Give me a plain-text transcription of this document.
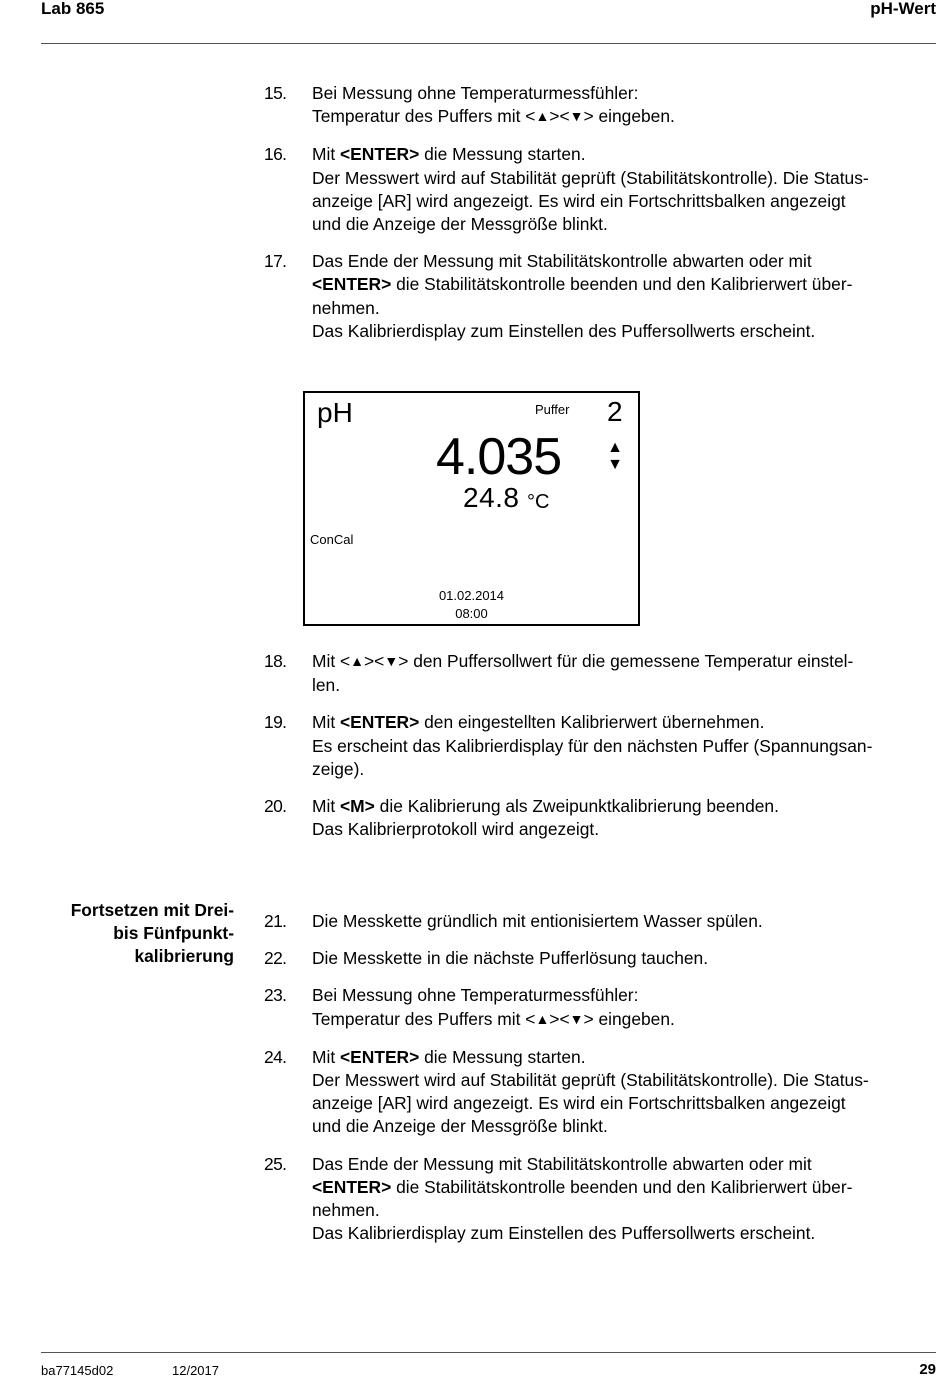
Lab 865	pH-Wert
15. Bei Messung ohne Temperaturmessfühler:

Temperatur des Puffers mit <▲><▼> eingeben.

16. Mit <ENTER> die Messung starten.

Der Messwert wird auf Stabilität geprüft (Stabilitätskontrolle). Die Status-

anzeige [AR] wird angezeigt. Es wird ein Fortschrittsbalken angezeigt

und die Anzeige der Messgröße blinkt.

17. Das Ende der Messung mit Stabilitätskontrolle abwarten oder mit

<ENTER> die Stabilitätskontrolle beenden und den Kalibrierwert über-

nehmen.

Das Kalibrierdisplay zum Einstellen des Puffersollwerts erscheint.

pH	Puffer 2
4.035
24.8 °C
▲
▼
ConCal
01.02.2014
08:00
18. Mit <▲><▼> den Puffersollwert für die gemessene Temperatur einstel-

len.

19. Mit <ENTER> den eingestellten Kalibrierwert übernehmen.

Es erscheint das Kalibrierdisplay für den nächsten Puffer (Spannungsan-

zeige).

20. Mit <M> die Kalibrierung als Zweipunktkalibrierung beenden.

Das Kalibrierprotokoll wird angezeigt.

Fortsetzen mit Drei-
bis Fünfpunkt-
kalibrierung
21. Die Messkette gründlich mit entionisiertem Wasser spülen.

22. Die Messkette in die nächste Pufferlösung tauchen.

23. Bei Messung ohne Temperaturmessfühler:

Temperatur des Puffers mit <▲><▼> eingeben.

24. Mit <ENTER> die Messung starten.

Der Messwert wird auf Stabilität geprüft (Stabilitätskontrolle). Die Status-

anzeige [AR] wird angezeigt. Es wird ein Fortschrittsbalken angezeigt

und die Anzeige der Messgröße blinkt.

25. Das Ende der Messung mit Stabilitätskontrolle abwarten oder mit

<ENTER> die Stabilitätskontrolle beenden und den Kalibrierwert über-

nehmen.

Das Kalibrierdisplay zum Einstellen des Puffersollwerts erscheint.

ba77145d02	12/2017	29
